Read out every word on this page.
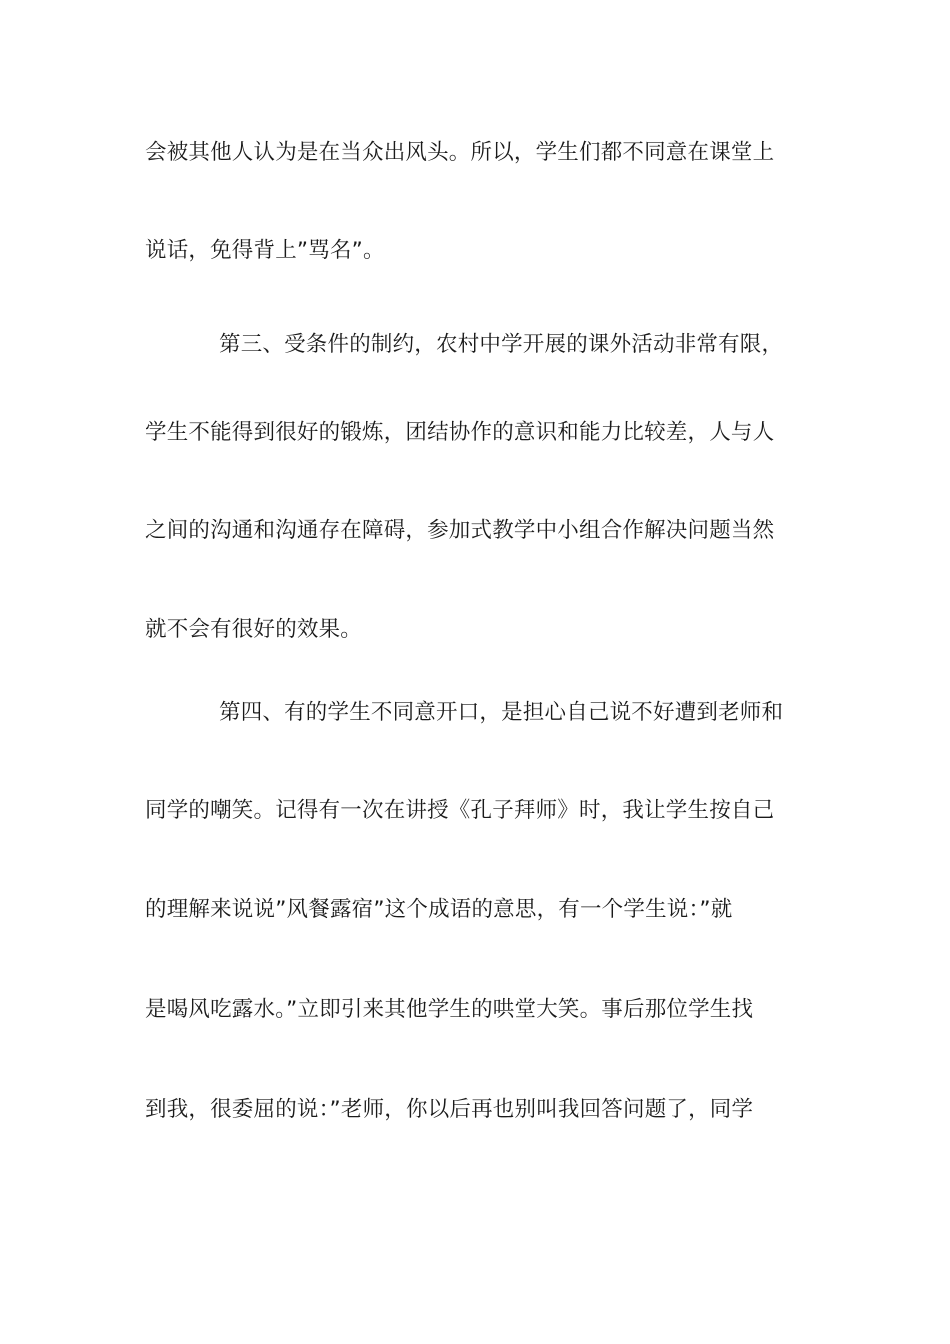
会被其他人认为是在当众出风头。所以，学生们都不同意在课堂上
说话，免得背上”骂名”。
第三、受条件的制约，农村中学开展的课外活动非常有限，
学生不能得到很好的锻炼，团结协作的意识和能力比较差，人与人
之间的沟通和沟通存在障碍，参加式教学中小组合作解决问题当然
就不会有很好的效果。
第四、有的学生不同意开口，是担心自己说不好遭到老师和
同学的嘲笑。记得有一次在讲授《孔子拜师》时，我让学生按自己
的理解来说说”风餐露宿”这个成语的意思，有一个学生说：”就
是喝风吃露水。”立即引来其他学生的哄堂大笑。事后那位学生找
到我，很委屈的说：”老师，你以后再也别叫我回答问题了，同学
